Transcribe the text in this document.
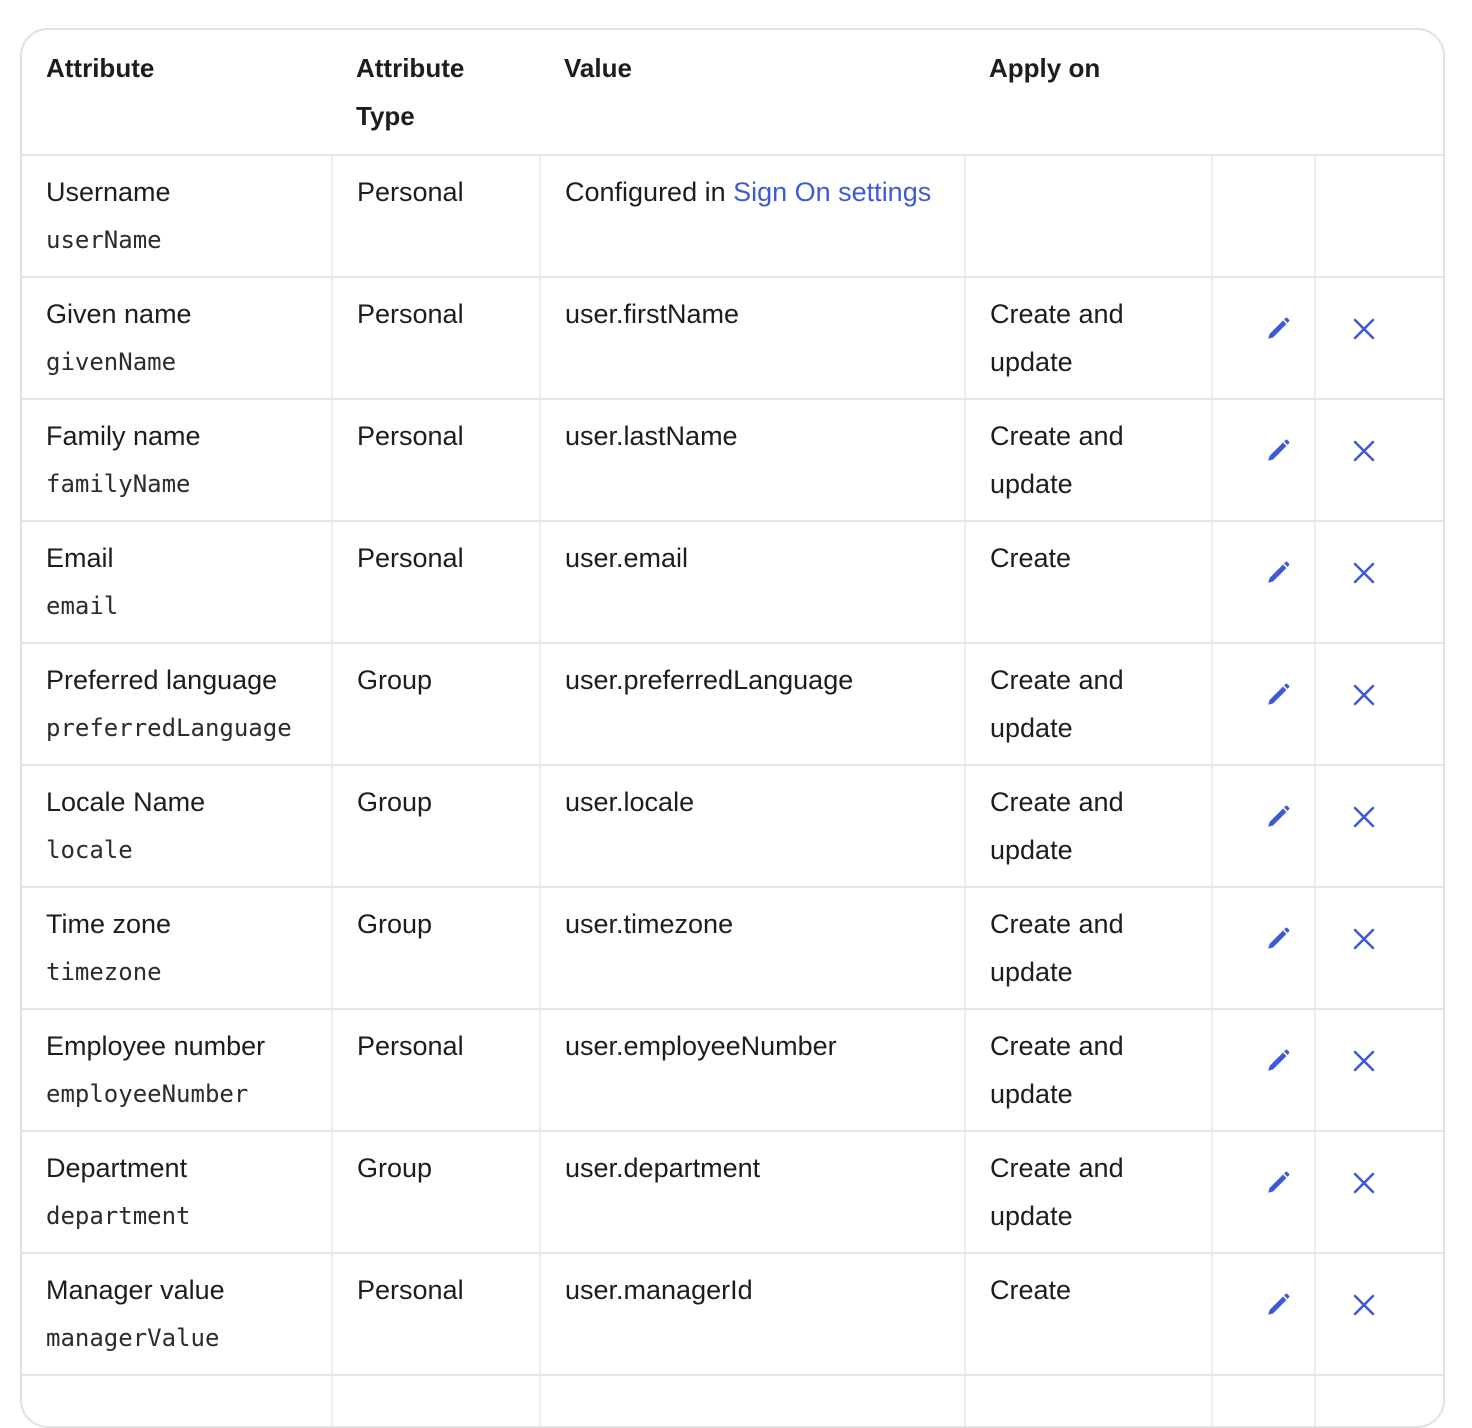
Attribute	Attribute Type	Value	Apply on		
Username
userName	Personal	Configured in Sign On settings			
Given name
givenName	Personal	user.firstName	Create and update	

Family name
familyName	Personal	user.lastName	Create and update	

Email
email	Personal	user.email	Create	

Preferred language
preferredLanguage	Group	user.preferredLanguage	Create and update	

Locale Name
locale	Group	user.locale	Create and update	

Time zone
timezone	Group	user.timezone	Create and update	

Employee number
employeeNumber	Personal	user.employeeNumber	Create and update	

Department
department	Group	user.department	Create and update	

Manager value
managerValue	Personal	user.managerId	Create	
